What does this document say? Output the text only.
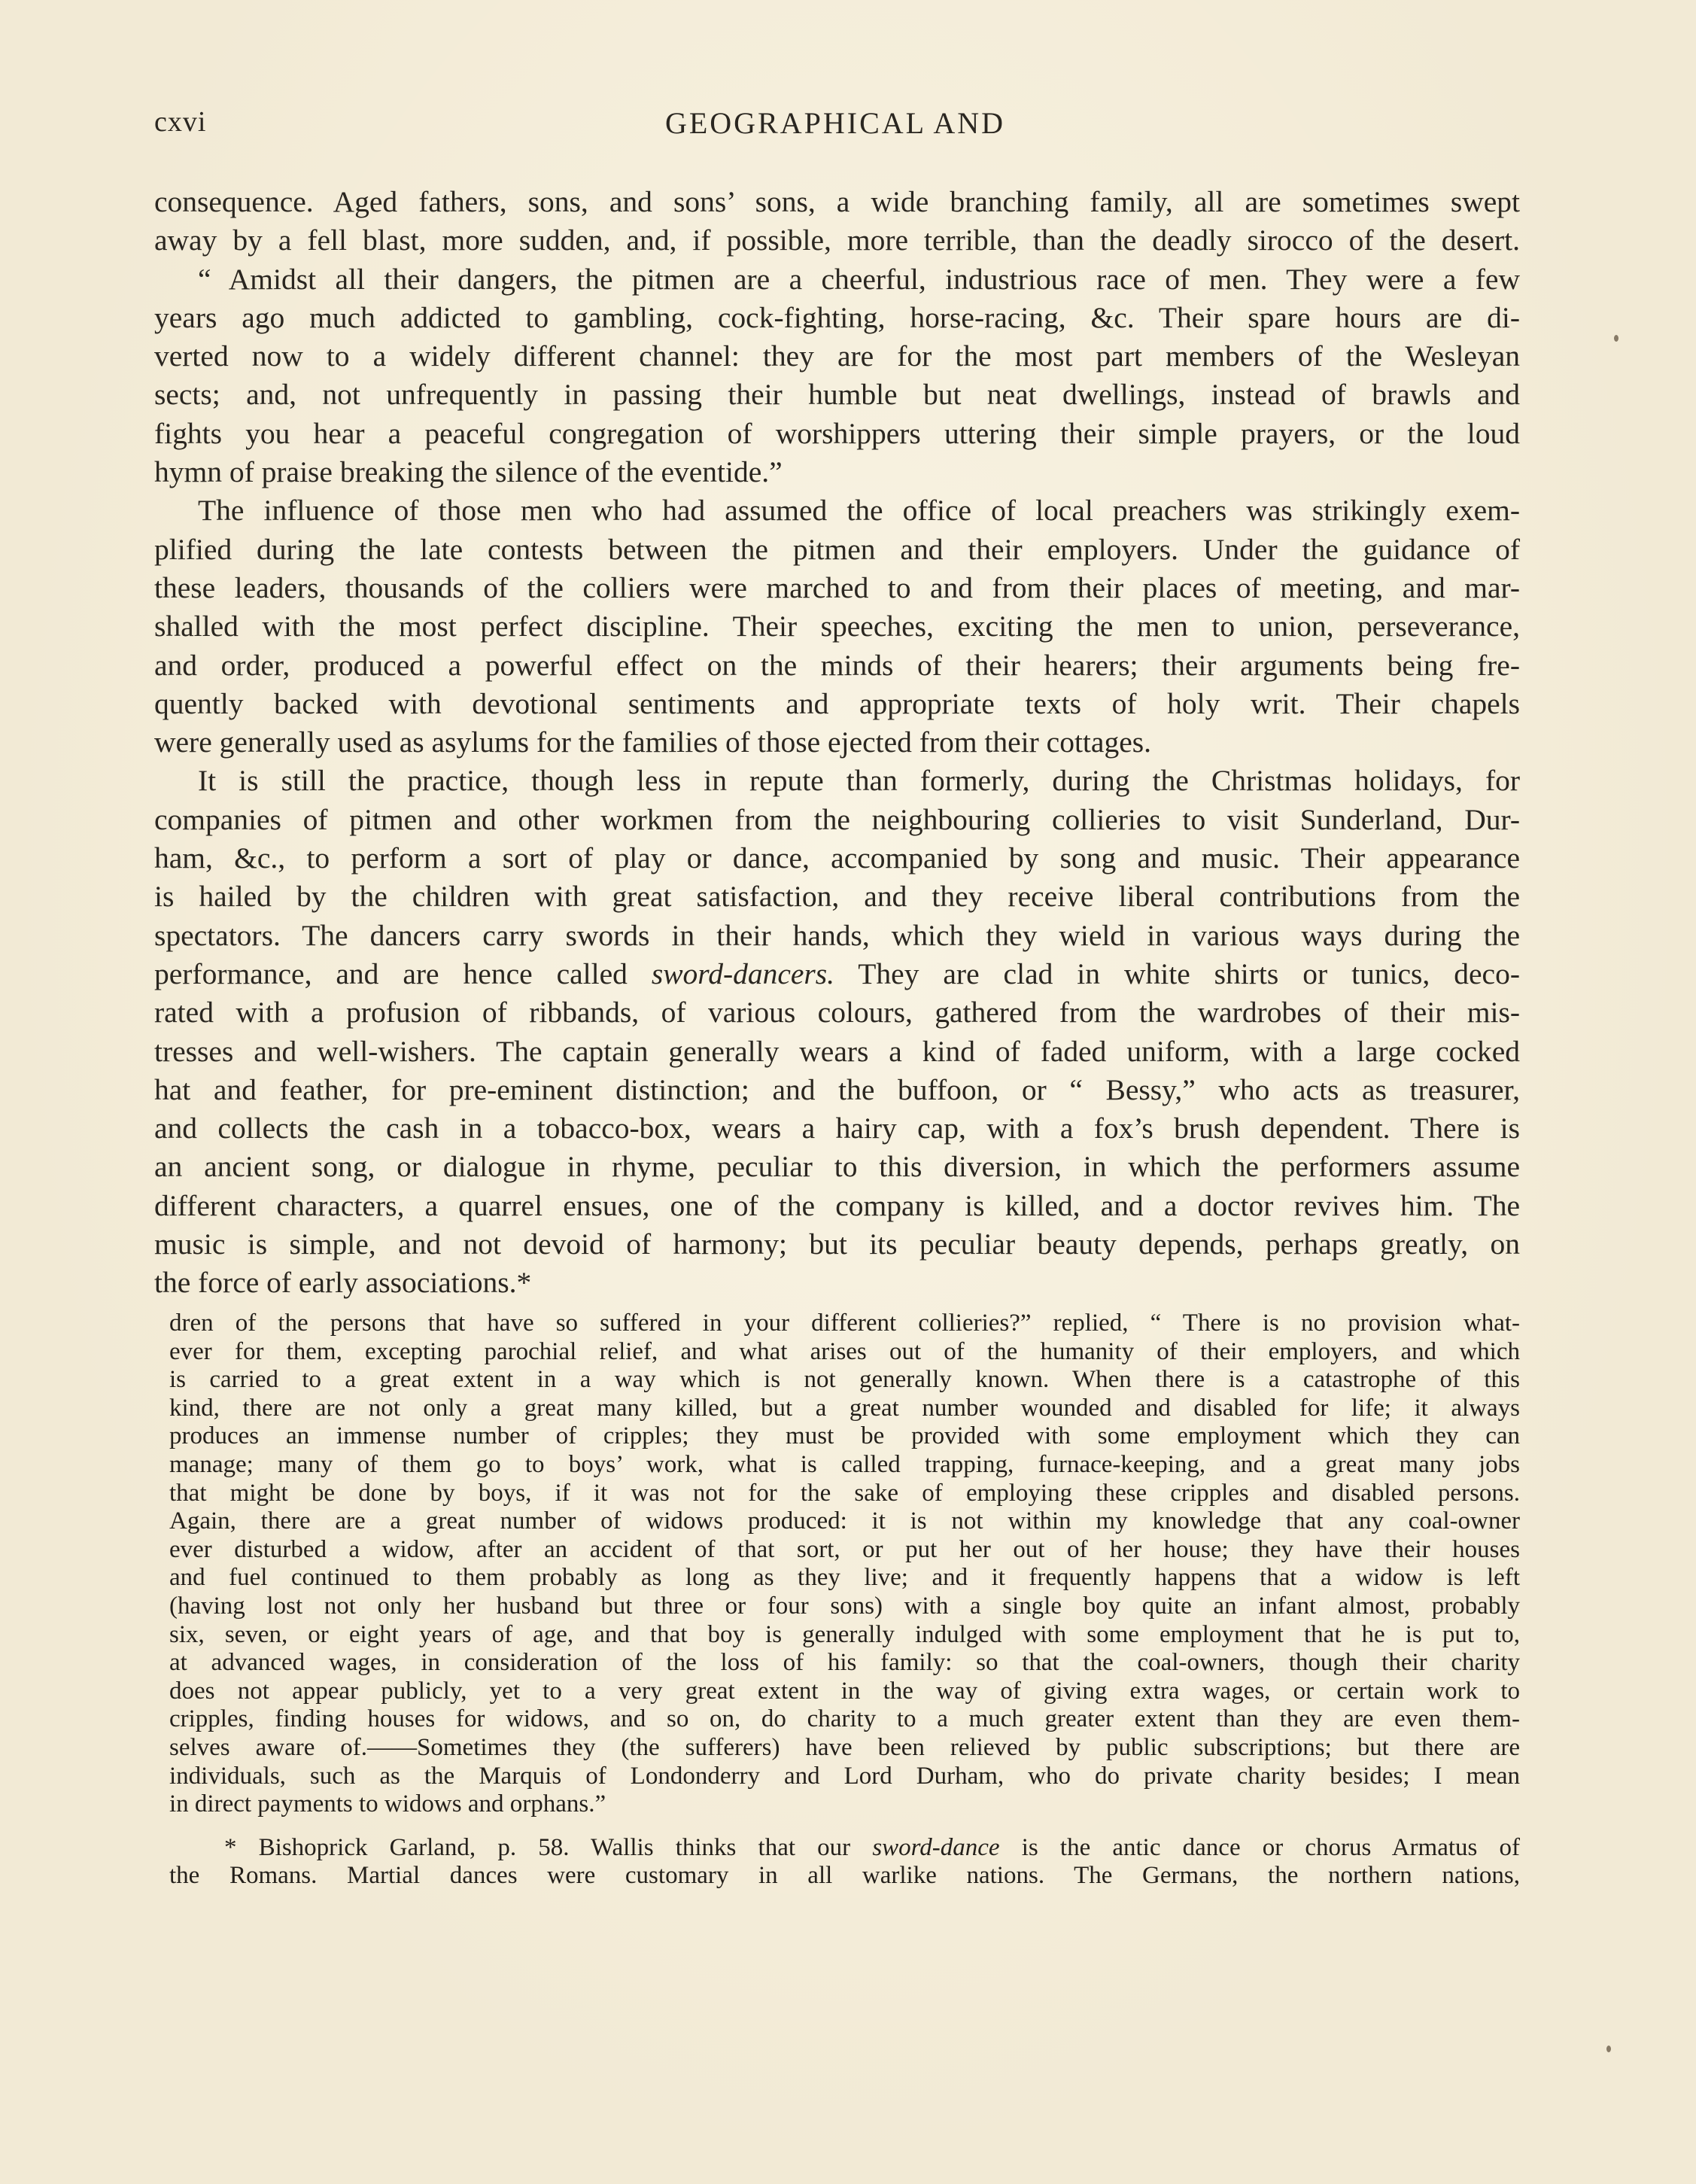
cxvi	GEOGRAPHICAL AND

consequence. Aged fathers, sons, and sons’ sons, a wide branching family, all are sometimes swept

away by a fell blast, more sudden, and, if possible, more terrible, than the deadly sirocco of the desert.

“ Amidst all their dangers, the pitmen are a cheerful, industrious race of men. They were a few

years ago much addicted to gambling, cock-fighting, horse-racing, &c. Their spare hours are di-

verted now to a widely different channel: they are for the most part members of the Wesleyan

sects; and, not unfrequently in passing their humble but neat dwellings, instead of brawls and

fights you hear a peaceful congregation of worshippers uttering their simple prayers, or the loud

hymn of praise breaking the silence of the eventide.”

The influence of those men who had assumed the office of local preachers was strikingly exem-

plified during the late contests between the pitmen and their employers. Under the guidance of

these leaders, thousands of the colliers were marched to and from their places of meeting, and mar-

shalled with the most perfect discipline. Their speeches, exciting the men to union, perseverance,

and order, produced a powerful effect on the minds of their hearers; their arguments being fre-

quently backed with devotional sentiments and appropriate texts of holy writ. Their chapels

were generally used as asylums for the families of those ejected from their cottages.

It is still the practice, though less in repute than formerly, during the Christmas holidays, for

companies of pitmen and other workmen from the neighbouring collieries to visit Sunderland, Dur-

ham, &c., to perform a sort of play or dance, accompanied by song and music. Their appearance

is hailed by the children with great satisfaction, and they receive liberal contributions from the

spectators. The dancers carry swords in their hands, which they wield in various ways during the

performance, and are hence called sword-dancers. They are clad in white shirts or tunics, deco-

rated with a profusion of ribbands, of various colours, gathered from the wardrobes of their mis-

tresses and well-wishers. The captain generally wears a kind of faded uniform, with a large cocked

hat and feather, for pre-eminent distinction; and the buffoon, or “ Bessy,” who acts as treasurer,

and collects the cash in a tobacco-box, wears a hairy cap, with a fox’s brush dependent. There is

an ancient song, or dialogue in rhyme, peculiar to this diversion, in which the performers assume

different characters, a quarrel ensues, one of the company is killed, and a doctor revives him. The

music is simple, and not devoid of harmony; but its peculiar beauty depends, perhaps greatly, on

the force of early associations.*

dren of the persons that have so suffered in your different collieries?” replied, “ There is no provision what-

ever for them, excepting parochial relief, and what arises out of the humanity of their employers, and which

is carried to a great extent in a way which is not generally known. When there is a catastrophe of this

kind, there are not only a great many killed, but a great number wounded and disabled for life; it always

produces an immense number of cripples; they must be provided with some employment which they can

manage; many of them go to boys’ work, what is called trapping, furnace-keeping, and a great many jobs

that might be done by boys, if it was not for the sake of employing these cripples and disabled persons.

Again, there are a great number of widows produced: it is not within my knowledge that any coal-owner

ever disturbed a widow, after an accident of that sort, or put her out of her house; they have their houses

and fuel continued to them probably as long as they live; and it frequently happens that a widow is left

(having lost not only her husband but three or four sons) with a single boy quite an infant almost, probably

six, seven, or eight years of age, and that boy is generally indulged with some employment that he is put to,

at advanced wages, in consideration of the loss of his family: so that the coal-owners, though their charity

does not appear publicly, yet to a very great extent in the way of giving extra wages, or certain work to

cripples, finding houses for widows, and so on, do charity to a much greater extent than they are even them-

selves aware of.——Sometimes they (the sufferers) have been relieved by public subscriptions; but there are

individuals, such as the Marquis of Londonderry and Lord Durham, who do private charity besides; I mean

in direct payments to widows and orphans.”

* Bishoprick Garland, p. 58. Wallis thinks that our sword-dance is the antic dance or chorus Armatus of

the Romans. Martial dances were customary in all warlike nations. The Germans, the northern nations,
